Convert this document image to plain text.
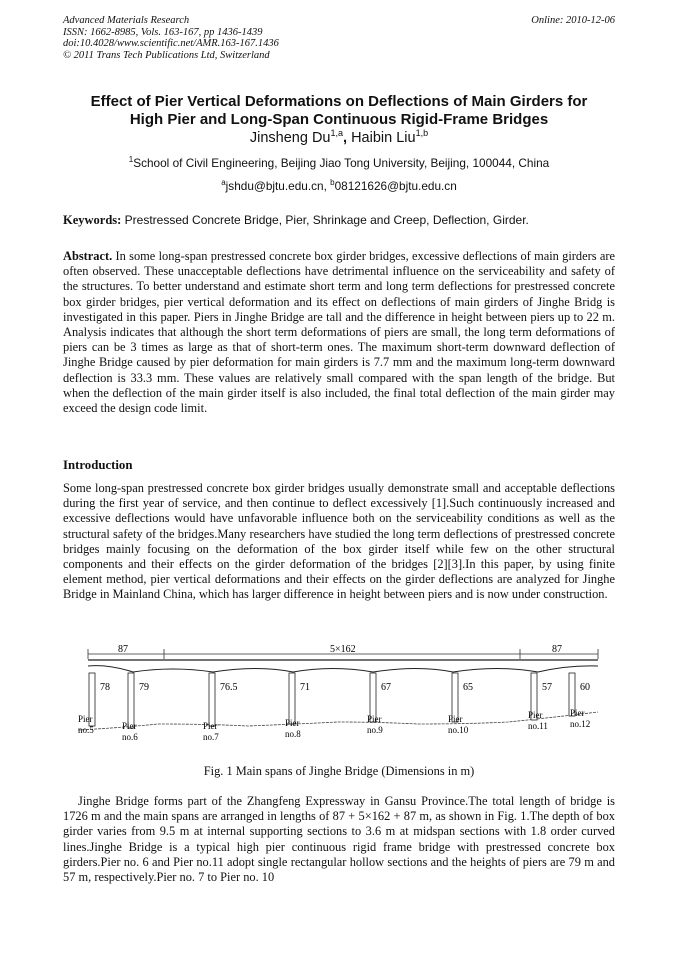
Advanced Materials Research
ISSN: 1662-8985, Vols. 163-167, pp 1436-1439
doi:10.4028/www.scientific.net/AMR.163-167.1436
© 2011 Trans Tech Publications Ltd, Switzerland
Online: 2010-12-06
Effect of Pier Vertical Deformations on Deflections of Main Girders for
High Pier and Long-Span Continuous Rigid-Frame Bridges
Jinsheng Du$^{1,a}$, Haibin Liu$^{1,b}$
$^1$School of Civil Engineering, Beijing Jiao Tong University, Beijing, 100044, China
$^a$jshdu@bjtu.edu.cn, $^b$08121626@bjtu.edu.cn
Keywords: Prestressed Concrete Bridge, Pier, Shrinkage and Creep, Deflection, Girder.
Abstract. In some long-span prestressed concrete box girder bridges, excessive deflections of main girders are often observed. These unacceptable deflections have detrimental influence on the serviceability and safety of the structures. To better understand and estimate short term and long term deflections for prestressed concrete box girder bridges, pier vertical deformation and its effect on deflections of main girders of Jinghe Bridg is investigated in this paper. Piers in Jinghe Bridge are tall and the difference in height between piers up to 22 m. Analysis indicates that although the short term deformations of piers are small, the long term deformations of piers can be 3 times as large as that of short-term ones. The maximum short-term downward deflection of Jinghe Bridge caused by pier deformation for main girders is 7.7 mm and the maximum long-term downward deflection is 33.3 mm. These values are relatively small compared with the span length of the bridge. But when the deflection of the main girder itself is also included, the final total deflection of the main girder may exceed the design code limit.
Introduction
Some long-span prestressed concrete box girder bridges usually demonstrate small and acceptable deflections during the first year of service, and then continue to deflect excessively [1].Such continuously increased and excessive deflections would have unfavorable influence both on the serviceability conditions as well as the structural safety of the bridges.Many researchers have studied the long term deflections of prestressed concrete bridges mainly focusing on the deformation of the box girder itself while few on the other structural components and their effects on the girder deformation of the bridges [2][3].In this paper, by using finite element method, pier vertical deformations and their effects on the girder deflections are analyzed for Jinghe Bridge in Mainland China, which has larger difference in height between piers and is now under construction.
87	5×162	87
78	79	76.5	71	67	65	57	60
Pier
no.5	Pier
no.6
Pier
no.7
Pier
no.8
Pier
no.9
Pier
no.10
Pier
no.11
Pier
no.12
Fig. 1 Main spans of Jinghe Bridge (Dimensions in m)
Jinghe Bridge forms part of the Zhangfeng Expressway in Gansu Province.The total length of bridge is 1726 m and the main spans are arranged in lengths of 87 + 5×162 + 87 m, as shown in Fig. 1.The depth of box girder varies from 9.5 m at internal supporting sections to 3.6 m at midspan sections with 1.8 order curved lines.Jinghe Bridge is a typical high pier continuous rigid frame bridge with prestressed concrete box girders.Pier no. 6 and Pier no.11 adopt single rectangular hollow sections and the heights of piers are 79 m and 57 m, respectively.Pier no. 7 to Pier no. 10
